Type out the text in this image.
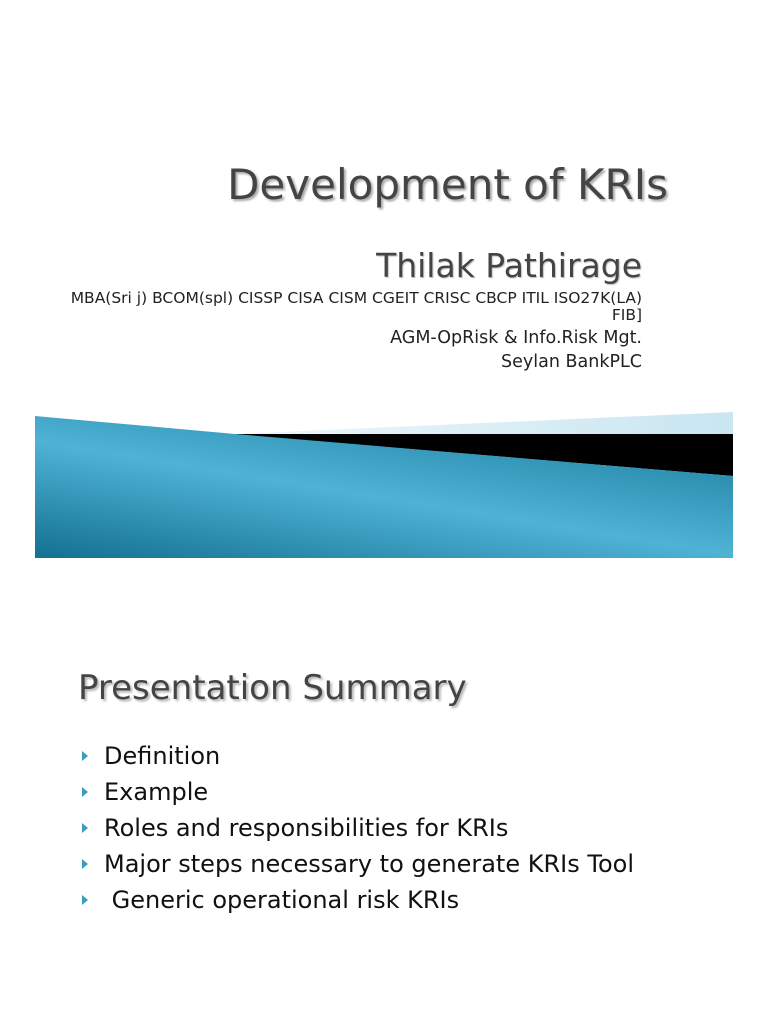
Development of KRIs
Thilak Pathirage
MBA(Sri j) BCOM(spl) CISSP CISA CISM CGEIT CRISC CBCP ITIL ISO27K(LA) FIB]
AGM-OpRisk & Info.Risk Mgt.
Seylan BankPLC
Presentation Summary
Definition
Example
Roles and responsibilities for KRIs
Major steps necessary to generate KRIs Tool
Generic operational risk KRIs
